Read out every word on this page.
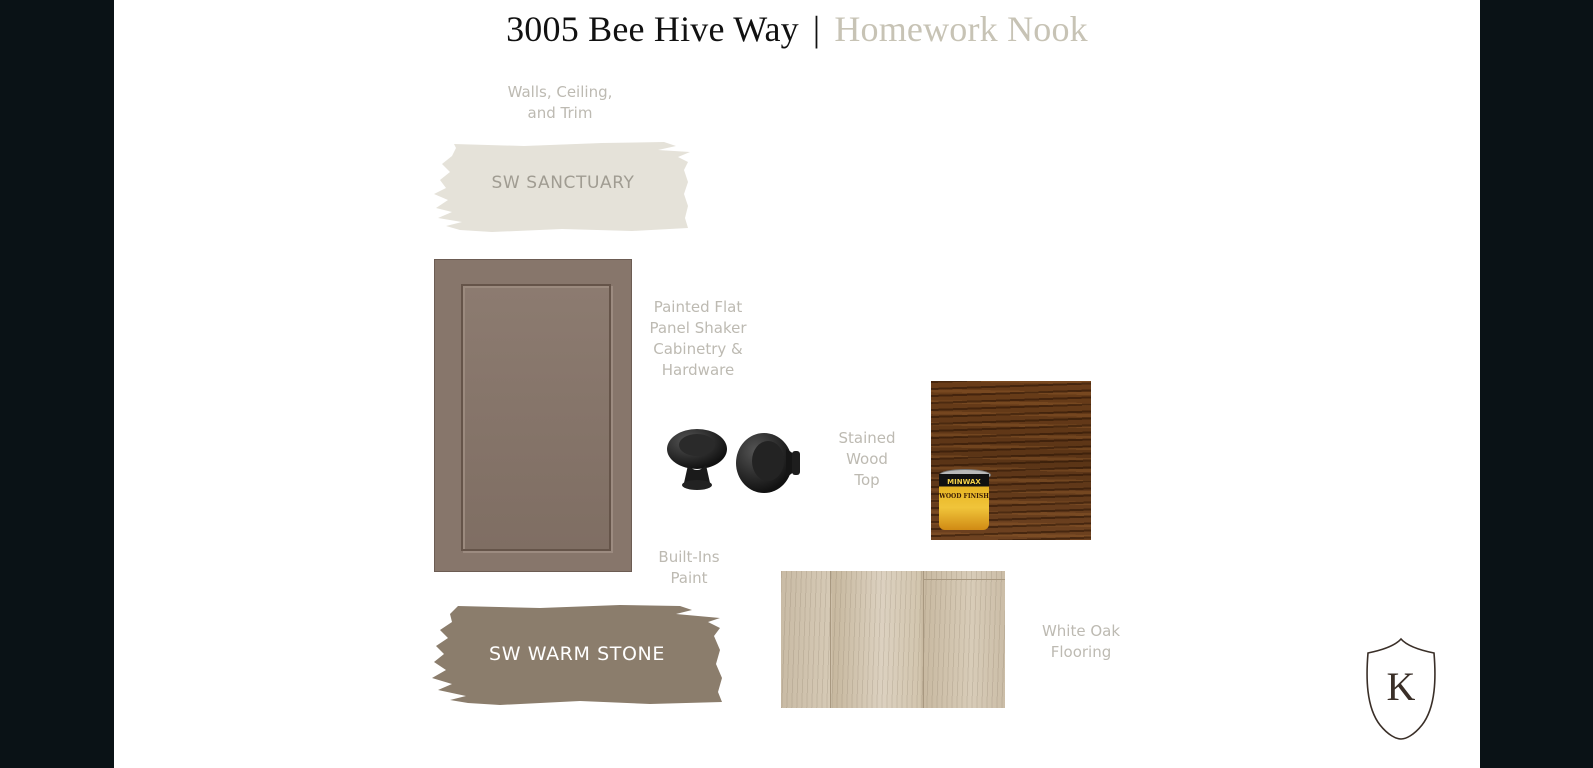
3005 Bee Hive Way | Homework Nook
Walls, Ceiling,
and Trim
SW SANCTUARY
Painted Flat
Panel Shaker
Cabinetry &
Hardware
Stained
Wood
Top	MINWAX
WOOD FINISH
Built-Ins
Paint
SW WARM STONE
White Oak
Flooring
K
